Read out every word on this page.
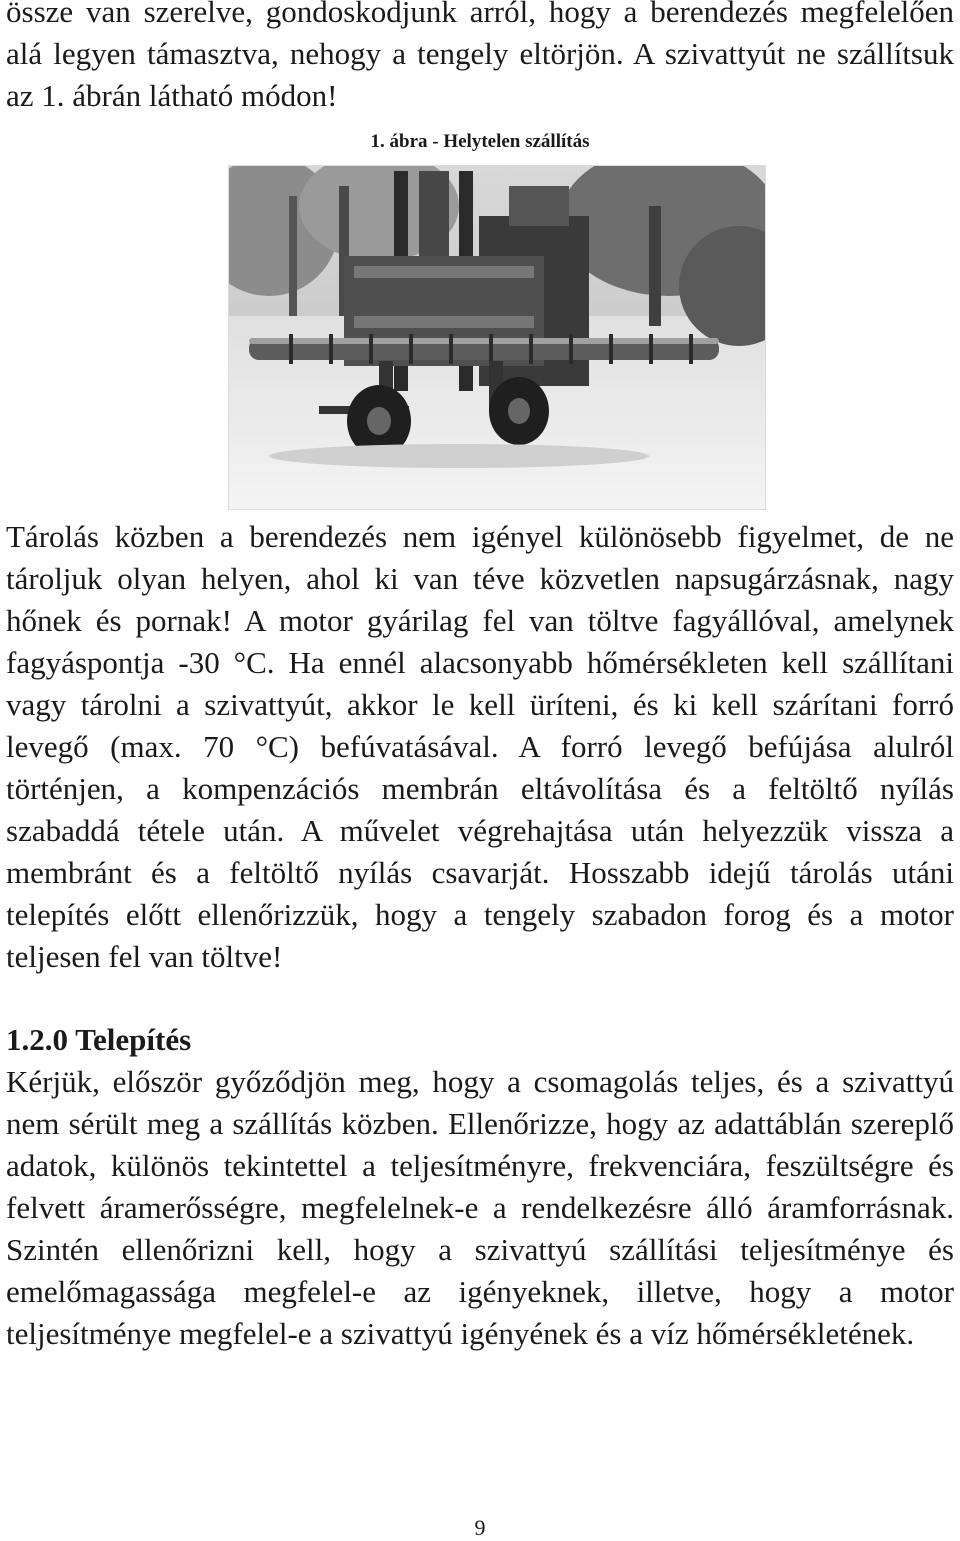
össze van szerelve, gondoskodjunk arról, hogy a berendezés megfelelően alá legyen támasztva, nehogy a tengely eltörjön. A szivattyút ne szállítsuk az 1. ábrán látható módon!

1. ábra - Helytelen szállítás

Tárolás közben a berendezés nem igényel különösebb figyelmet, de ne tároljuk olyan helyen, ahol ki van téve közvetlen napsugárzásnak, nagy hőnek és pornak! A motor gyárilag fel van töltve fagyállóval, amelynek fagyáspontja -30 °C. Ha ennél alacsonyabb hőmérsékleten kell szállítani vagy tárolni a szivattyút, akkor le kell üríteni, és ki kell szárítani forró levegő (max. 70 °C) befúvatásával. A forró levegő befújása alulról történjen, a kompenzációs membrán eltávolítása és a feltöltő nyílás szabaddá tétele után. A művelet végrehajtása után helyezzük vissza a membránt és a feltöltő nyílás csavarját. Hosszabb idejű tárolás utáni telepítés előtt ellenőrizzük, hogy a tengely szabadon forog és a motor teljesen fel van töltve!

1.2.0 Telepítés

Kérjük, először győződjön meg, hogy a csomagolás teljes, és a szivattyú nem sérült meg a szállítás közben. Ellenőrizze, hogy az adattáblán szereplő adatok, különös tekintettel a teljesítményre, frekvenciára, feszültségre és felvett áramerősségre, megfelelnek-e a rendelkezésre álló áramforrásnak. Szintén ellenőrizni kell, hogy a szivattyú szállítási teljesítménye és emelőmagassága megfelel-e az igényeknek, illetve, hogy a motor teljesítménye megfelel-e a szivattyú igényének és a víz hőmérsékletének.

9
